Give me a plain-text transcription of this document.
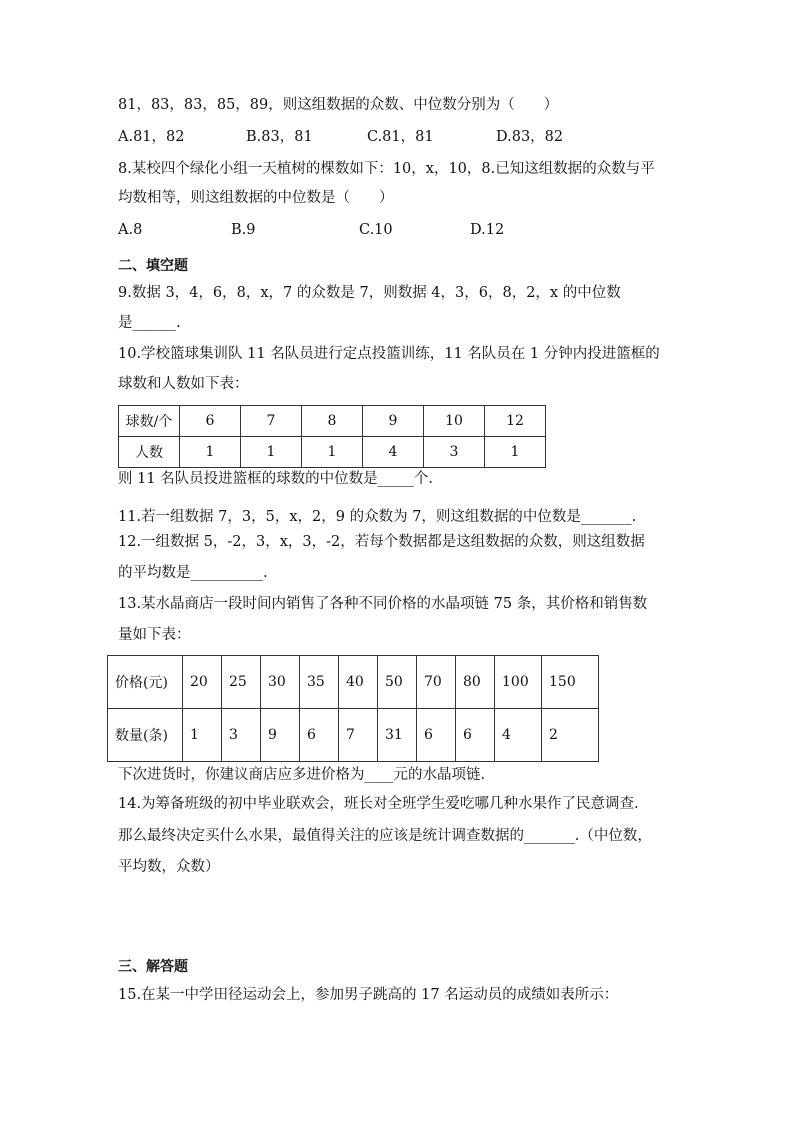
81，83，83，85，89，则这组数据的众数、中位数分别为（　　）
A.81，82	B.83，81	C.81，81	D.83，82
8.某校四个绿化小组一天植树的棵数如下：10，x，10，8.已知这组数据的众数与平
均数相等，则这组数据的中位数是（　　）
A.8	B.9	C.10	D.12
二、填空题
9.数据 3，4，6，8，x，7 的众数是 7，则数据 4，3，6，8，2，x 的中位数
是______.
10.学校篮球集训队 11 名队员进行定点投篮训练，11 名队员在 1 分钟内投进篮框的
球数和人数如下表：
球数/个	6	7	8	9	10	12
人数	1	1	1	4	3	1
则 11 名队员投进篮框的球数的中位数是_____个.
11.若一组数据 7，3，5，x，2，9 的众数为 7，则这组数据的中位数是_______.
12.一组数据 5，-2，3，x，3，-2，若每个数据都是这组数据的众数，则这组数据
的平均数是__________.
13.某水晶商店一段时间内销售了各种不同价格的水晶项链 75 条，其价格和销售数
量如下表：
价格(元)	20	25	30	35	40	50	70	80	100	150
数量(条)	1	3	9	6	7	31	6	6	4	2
下次进货时，你建议商店应多进价格为____元的水晶项链.
14.为筹备班级的初中毕业联欢会，班长对全班学生爱吃哪几种水果作了民意调查.
那么最终决定买什么水果，最值得关注的应该是统计调查数据的_______.（中位数，
平均数，众数）
三、解答题
15.在某一中学田径运动会上，参加男子跳高的 17 名运动员的成绩如表所示：
